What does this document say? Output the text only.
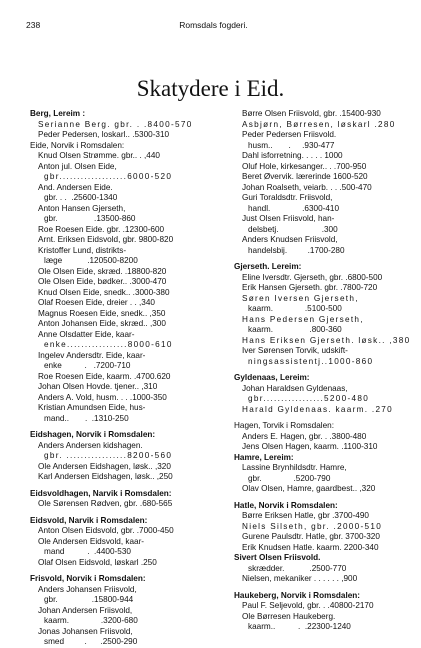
238	Romsdals fogderi.
Skatydere i Eid.
Berg, Lereim :
Serianne Berg. gbr. . .8400-570
Peder Pedersen, loskarl.. .5300-310
Eide, Norvik i Romsdalen:
Knud Olsen Strømme. gbr.. . ,440
Anton jul. Olsen Eide,
gbr...................6000-520
And. Andersen Eide.
gbr. . .  .25600-1340
Anton Hansen Gjerseth,
gbr.                .13500-860
Roe Roesen Eide. gbr. .12300-600
Arnt. Eriksen Eidsvold, gbr. 9800-820
Kristoffer Lund, distrikts-
læge           .120500-8200
Ole Olsen Eide, skræd. .18800-820
Ole Olsen Eide, bødker.. .3000-470
Knud Olsen Eide, snedk.. .3000-380
Olaf Roesen Eide, dreier . . ,340
Magnus Roesen Eide, snedk.. ,350
Anton Johansen Eide, skræd.. ,300
Anne Olsdatter Eide, kaar-
enke.................8000-610
Ingelev Andersdtr. Eide, kaar-
enke          .   .7200-710
Roe Roesen Eide, kaarm. .4700.620
Johan Olsen Hovde. tjener.. ,310
Anders A. Vold, husm. . . .1000-350
Kristian Amundsen Eide, hus-
mand..       .  .1310-250
Eidshagen, Norvik i Romsdalen:
Anders Andersen kidshagen.
gbr. .................8200-560
Ole Andersen Eidshagen, løsk.. ,320
Karl Andersen Eidshagen, løsk.. ,250
Eidsvoldhagen, Narvik i Romsdalen:
Ole Sørensen Rødven, gbr. .680-565
Eidsvold, Narvik i Romsdalen:
Anton Olsen Eidsvold, gbr. .7000-450
Ole Andersen Eidsvold, kaar-
mand          .  .4400-530
Olaf Olsen Eidsvold, løskarl .250
Frisvold, Norvik i Romsdalen:
Anders Johansen Friisvold,
gbr.               .15800-944
Johan Andersen Friisvold,
kaarm.              .3200-680
Jonas Johansen Friisvold,
smed         .      .2500-290
Børre Olsen Friisvold, gbr. .15400-930
Asbjørn, Børresen, løskarl .280
Peder Pedersen Friisvold.
husm..       .     .930-477
Dahl isforretning. . . . . 1000
Oluf Hole, kirkesanger.. . .700-950
Beret Øvervik. lærerinde 1600-520
Johan Roalseth, veiarb. . . .500-470
Guri Toraldsdtr. Friisvold,
handl.              .6300-410
Just Olsen Friisvold, han-
delsbetj.                   .300
Anders Knudsen Friisvold,
handelsbij.         .1700-280
Gjerseth. Lereim:
Eline Iversdtr. Gjerseth, gbr. .6800-500
Erik Hansen Gjerseth. gbr. .7800-720
Søren Iversen Gjerseth,
kaarm.              .5100-500
Hans Pedersen Gjerseth,
kaarm.                .800-360
Hans Eriksen Gjerseth. løsk.. ,380
Iver Sørensen Torvik, udskift-
ningsassistentj..1000-860
Gyldenaas, Lereim:
Johan Haraldsen Gyldenaas,
gbr.................5200-480
Harald Gyldenaas. kaarm. .270
Hagen, Torvik i Romsdalen:
Anders E. Hagen, gbr. . .3800-480
Jens Olsen Hagen, kaarm. .1100-310
Hamre, Lereim:
Lassine Brynhildsdtr. Hamre,
gbr.              .5200-790
Olav Olsen, Hamre, gaardbest.. ,320
Hatle, Norvik i Romsdalen:
Børre Eriksen Hatle, gbr .3700-490
Niels Silseth, gbr. .2000-510
Gurene Paulsdtr. Hatle, gbr. 3700-320
Erik Knudsen Hatle. kaarm. 2200-340
Sivert Olsen Friisvold.
skrædder.           .2500-770
Nielsen, mekaniker . . . . . . ,900
Haukeberg, Norvik i Romsdalen:
Paul F. Seljevold, gbr. . .40800-2170
Ole Børresen Haukeberg.
kaarm..          .  .22300-1240
